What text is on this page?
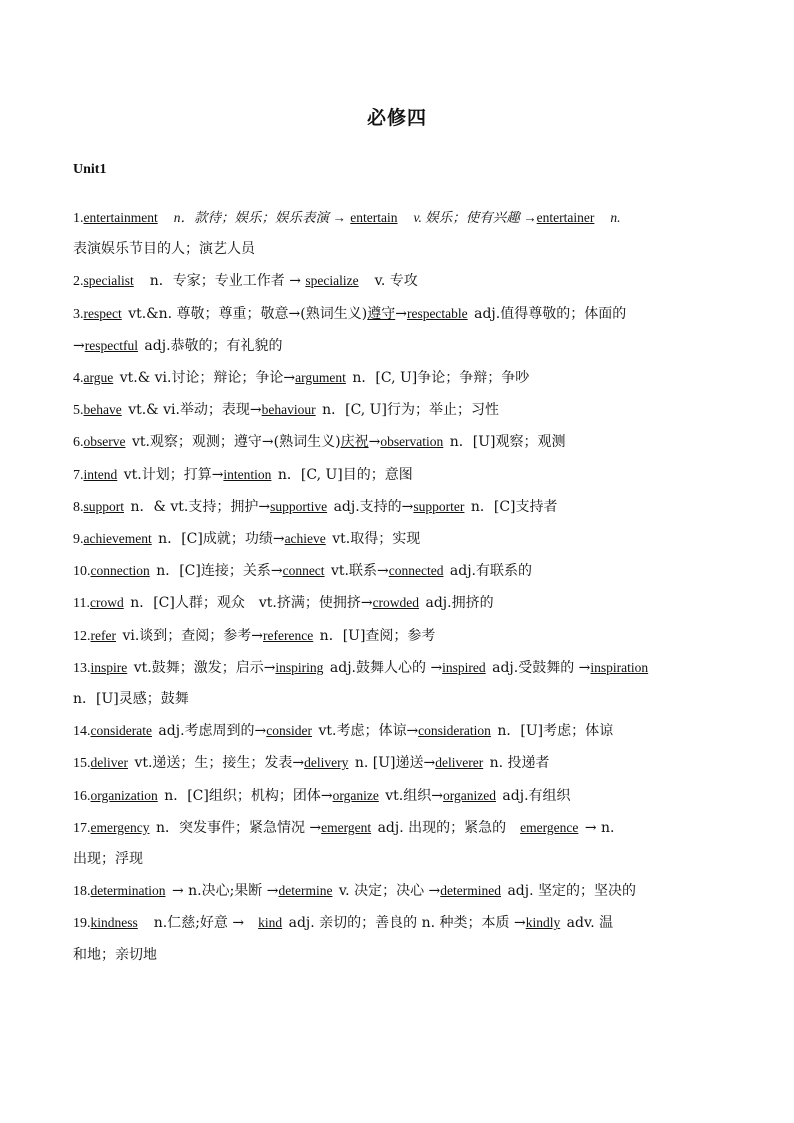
必修四
Unit1
1.entertainment　 n．款待；娱乐；娱乐表演 → entertain　 v. 娱乐；使有兴趣 →entertainer　 n.
表演娱乐节目的人；演艺人员
2.specialist　 n．专家；专业工作者 → specialize　 v. 专攻
3.respect vt.&n. 尊敬；尊重；敬意→(熟词生义)遵守→respectable adj.值得尊敬的；体面的
→respectful adj.恭敬的；有礼貌的
4.argue vt.& vi.讨论；辩论；争论→argument n．[C, U]争论；争辩；争吵
5.behave vt.& vi.举动；表现→behaviour n．[C, U]行为；举止；习性
6.observe vt.观察；观测；遵守→(熟词生义)庆祝→observation n．[U]观察；观测
7.intend vt.计划；打算→intention n．[C, U]目的；意图
8.support n．& vt.支持；拥护→supportive adj.支持的→supporter n．[C]支持者
9.achievement n．[C]成就；功绩→achieve vt.取得；实现
10.connection n．[C]连接；关系→connect vt.联系→connected adj.有联系的
11.crowd n．[C]人群；观众　vt.挤满；使拥挤→crowded adj.拥挤的
12.refer vi.谈到；查阅；参考→reference n．[U]查阅；参考
13.inspire vt.鼓舞；激发；启示→inspiring adj.鼓舞人心的 →inspired adj.受鼓舞的 →inspiration
n．[U]灵感；鼓舞
14.considerate adj.考虑周到的→consider vt.考虑；体谅→consideration n．[U]考虑；体谅
15.deliver vt.递送；生；接生；发表→delivery n. [U]递送→deliverer n. 投递者
16.organization n．[C]组织；机构；团体→organize vt.组织→organized adj.有组织
17.emergency n．突发事件；紧急情况 →emergent adj. 出现的；紧急的　 emergence → n.
出现；浮现
18.determination → n.决心;果断 →determine v. 决定；决心 →determined adj. 坚定的；坚决的
19.kindness　 n.仁慈;好意 →　 kind adj. 亲切的；善良的 n. 种类；本质 →kindly adv. 温
和地；亲切地
